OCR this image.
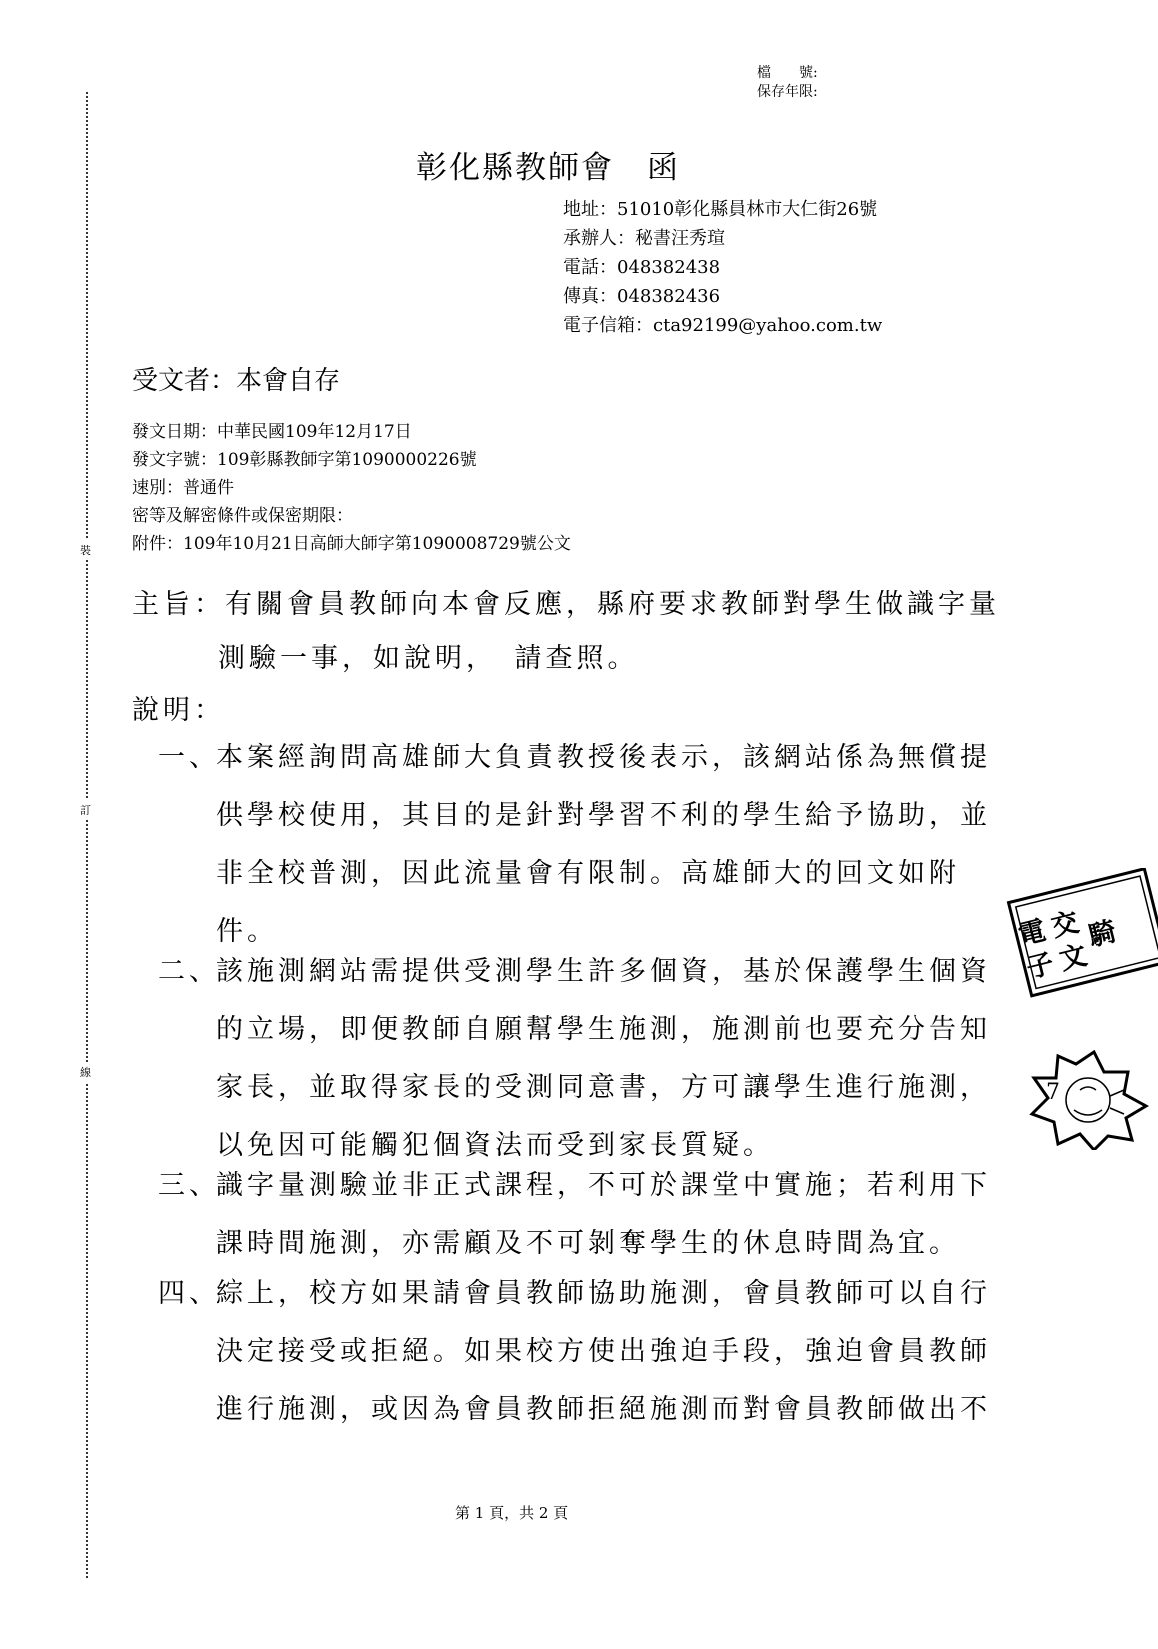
裝
訂
線
檔　　號:
保存年限:
彰化縣教師會　函
地址：51010彰化縣員林市大仁街26號
承辦人：秘書汪秀瑄
電話：048382438
傳真：048382436
電子信箱：cta92199@yahoo.com.tw
受文者：本會自存
發文日期：中華民國109年12月17日
發文字號：109彰縣教師字第1090000226號
速別：普通件
密等及解密條件或保密期限：
附件：109年10月21日高師大師字第1090008729號公文
主旨：有關會員教師向本會反應，縣府要求教師對學生做識字量
測驗一事，如說明，　請查照。
說明：
一、
本案經詢問高雄師大負責教授後表示，該網站係為無償提
供學校使用，其目的是針對學習不利的學生給予協助，並
非全校普測，因此流量會有限制。高雄師大的回文如附
件。
二、
該施測網站需提供受測學生許多個資，基於保護學生個資
的立場，即便教師自願幫學生施測，施測前也要充分告知
家長，並取得家長的受測同意書，方可讓學生進行施測，
以免因可能觸犯個資法而受到家長質疑。
三、
識字量測驗並非正式課程，不可於課堂中實施；若利用下
課時間施測，亦需顧及不可剝奪學生的休息時間為宜。
四、
綜上，校方如果請會員教師協助施測，會員教師可以自行
決定接受或拒絕。如果校方使出強迫手段，強迫會員教師
進行施測，或因為會員教師拒絕施測而對會員教師做出不
電
子
交
文
騎
7
第 1 頁，共 2 頁
